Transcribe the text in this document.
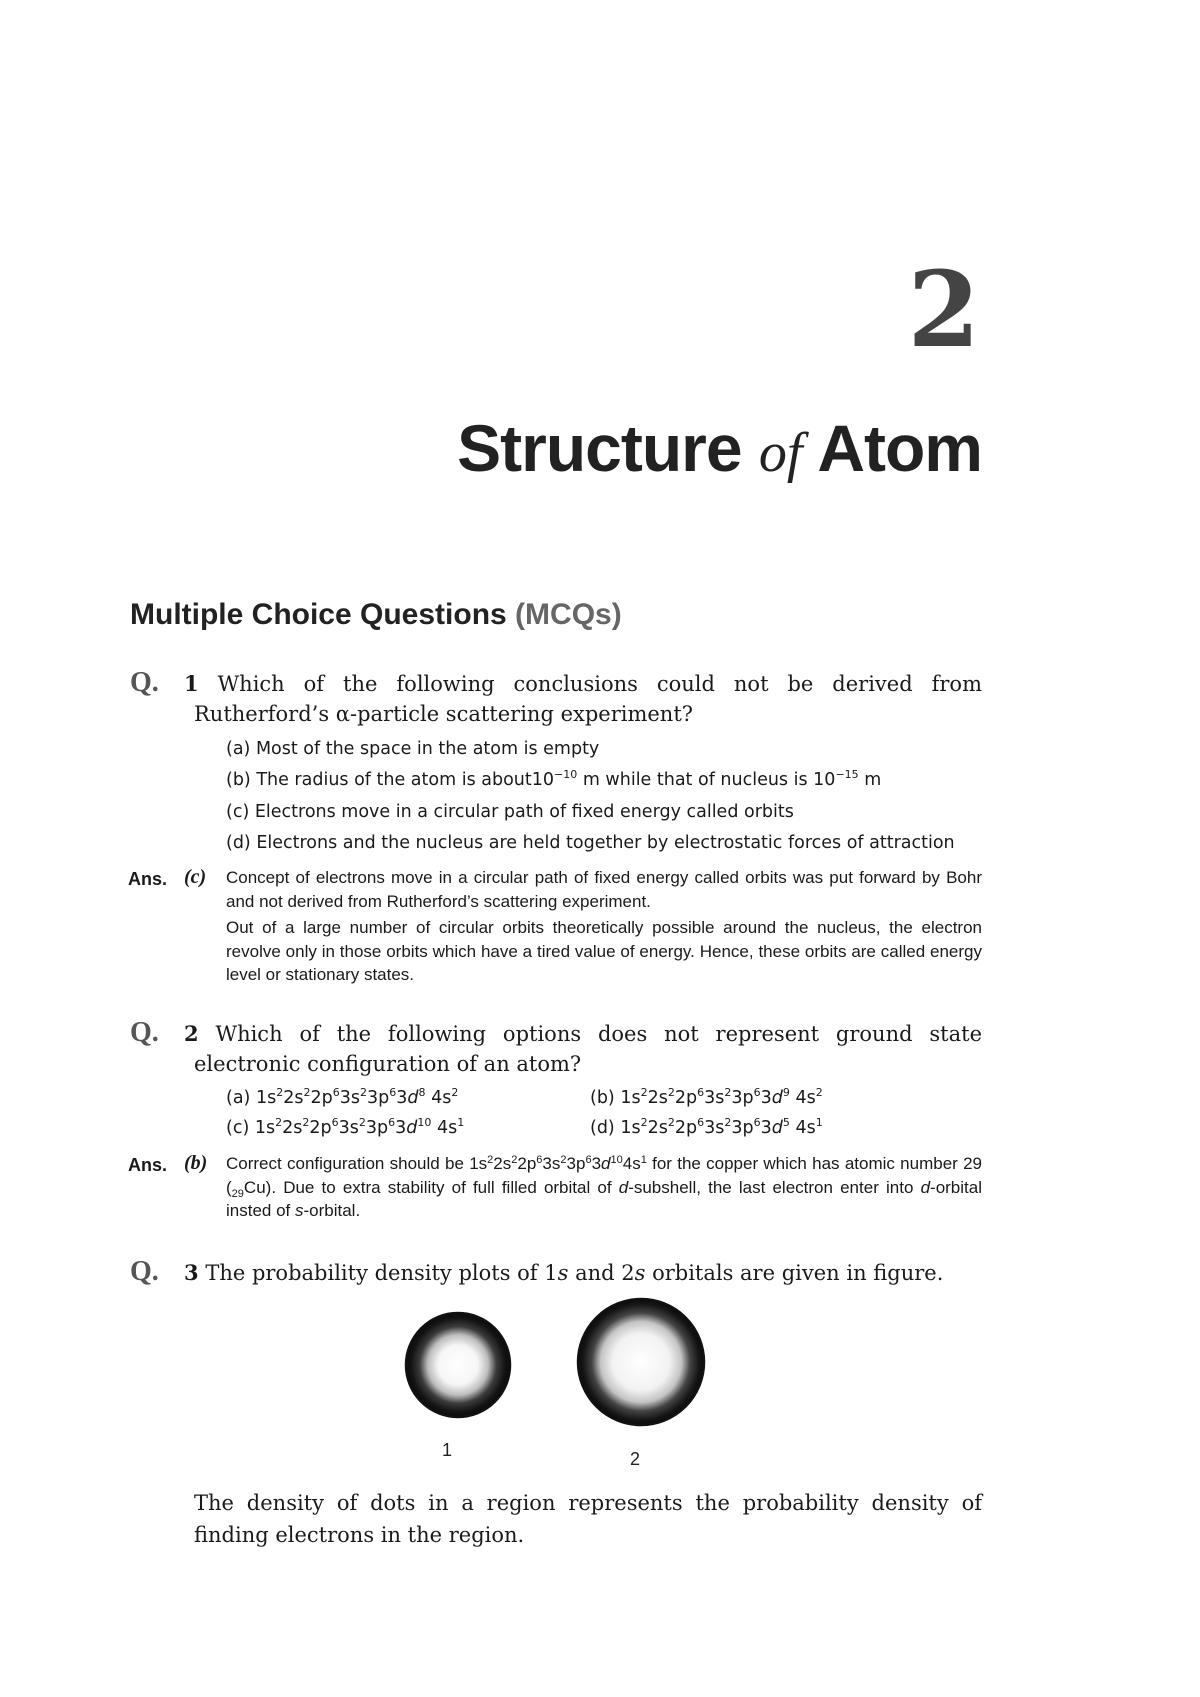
2
Structure of Atom
Multiple Choice Questions (MCQs)
Q. 1 Which of the following conclusions could not be derived from
Rutherford’s α-particle scattering experiment?
(a) Most of the space in the atom is empty
(b) The radius of the atom is $about10^{-10}$ m while that of nucleus is $10^{-15}$ m
(c) Electrons move in a circular path of fixed energy called orbits
(d) Electrons and the nucleus are held together by electrostatic forces of attraction
Ans. (c) Concept of electrons move in a circular path of fixed energy called orbits was put forward by Bohr and not derived from Rutherford’s scattering experiment.
Out of a large number of circular orbits theoretically possible around the nucleus, the electron revolve only in those orbits which have a tired value of energy. Hence, these orbits are called energy level or stationary states.
Q. 2 Which of the following options does not represent ground state
electronic configuration of an atom?
(a) $1s^22s^22p^63s^23p^63d^8$ $4s^2$	(b) $1s^22s^22p^63s^23p^63d^9$ $4s^2$
(c) $1s^22s^22p^63s^23p^63d^{10}$ $4s^1$	(d) $1s^22s^22p^63s^23p^63d^5$ $4s^1$
Ans. (b) Correct configuration should be $1s^22s^22p^63s^23p^63d^{10}4s^1$ for the copper which has atomic number 29 $(_{29}Cu)$. Due to extra stability of full filled orbital of d-subshell, the last electron enter into d-orbital insted of s-orbital.
Q. 3 The probability density plots of 1s and 2s orbitals are given in figure.
1	2
The density of dots in a region represents the probability density of finding electrons in the region.
